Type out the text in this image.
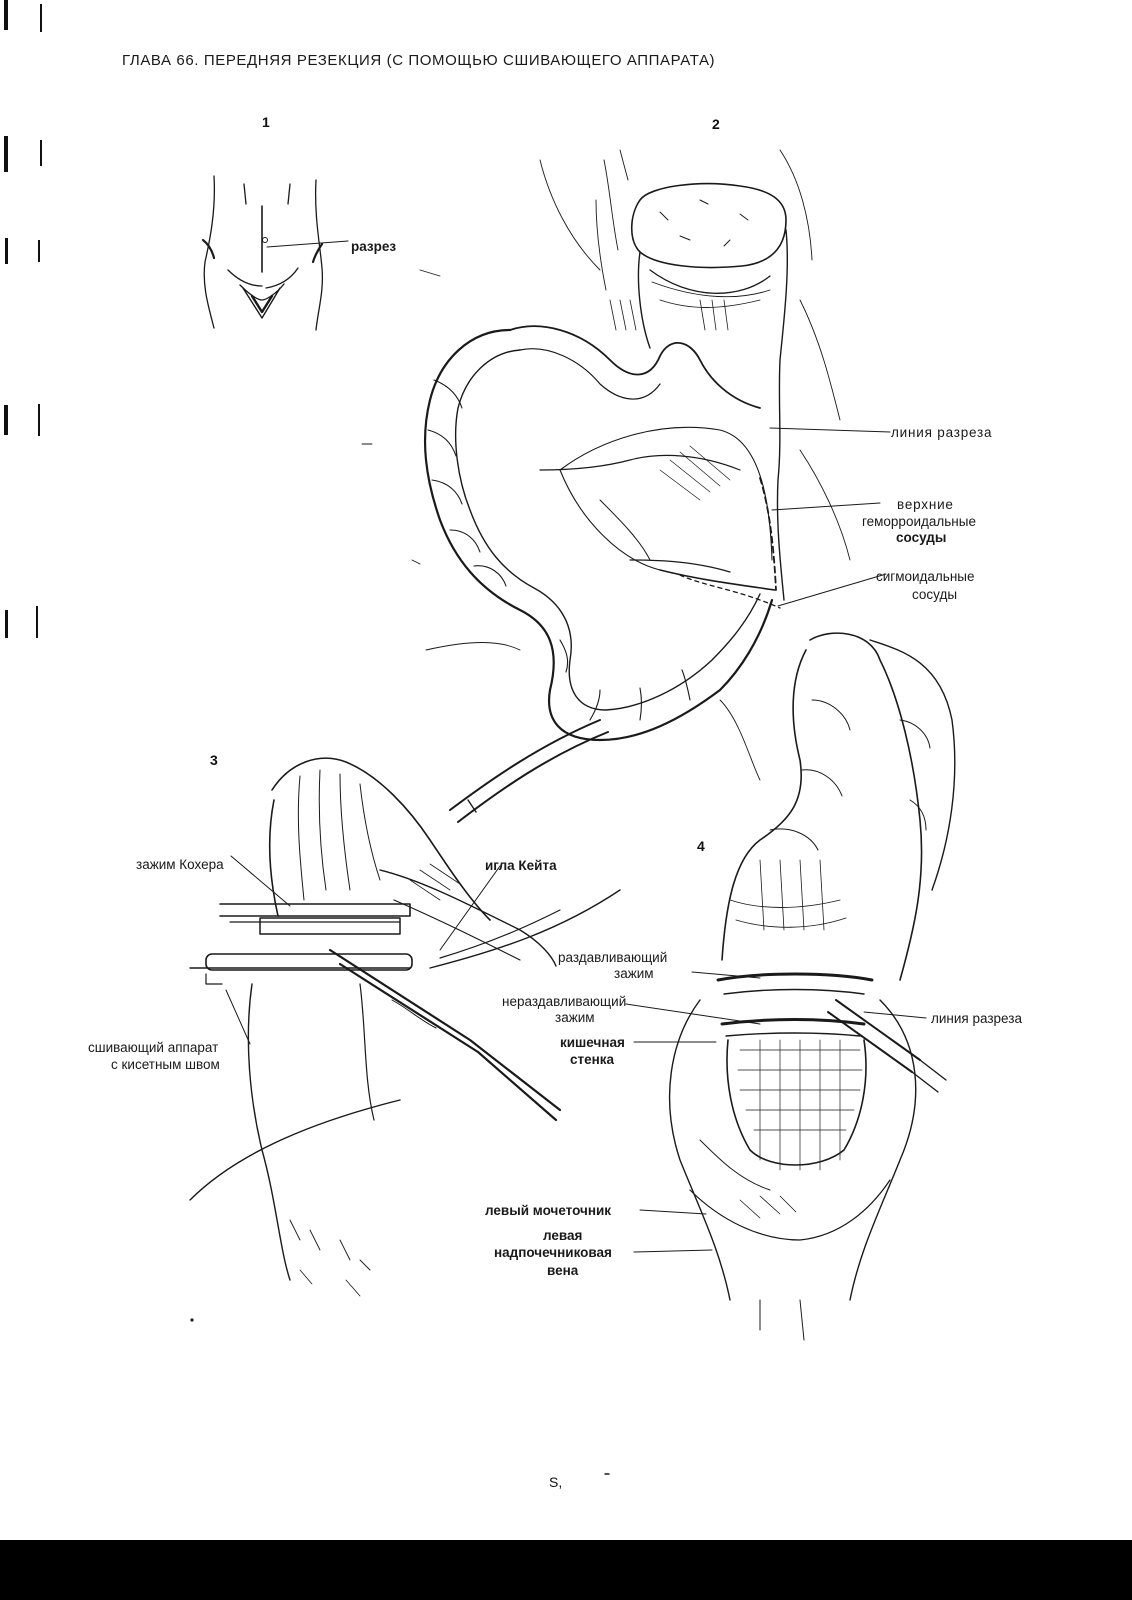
ГЛАВА 66. ПЕРЕДНЯЯ РЕЗЕКЦИЯ (С ПОМОЩЬЮ СШИВАЮЩЕГО АППАРАТА)
1	2
3
4
разрез
линия разреза
верхние
геморроидальные
сосуды
сигмоидальные
сосуды
зажим Кохера	игла Кейта
сшивающий аппарат
с кисетным швом
раздавливающий
зажим
нераздавливающий
зажим
кишечная
стенка
линия разреза
левый мочеточник
левая
надпочечниковая
вена
S,
